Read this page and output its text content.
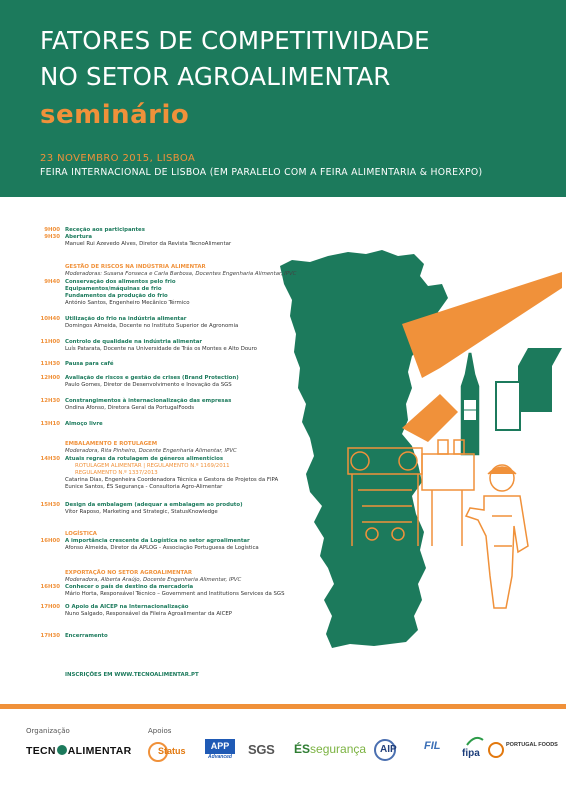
FATORES DE COMPETITIVIDADE
NO SETOR AGROALIMENTAR
seminário
23 NOVEMBRO 2015, LISBOA
FEIRA INTERNACIONAL DE LISBOA (EM PARALELO COM A FEIRA ALIMENTARIA & HOREXPO)
9H00 Receção aos participantes
9H30 Abertura
Manuel Rui Azevedo Alves, Diretor da Revista TecnoAlimentar
GESTÃO DE RISCOS NA INDÚSTRIA ALIMENTAR
Moderadoras: Susana Fonseca e Carla Barbosa, Docentes Engenharia Alimentar, IPVC
9H40 Conservação dos alimentos pelo frio
Equipamentos/máquinas de frio
Fundamentos da produção do frio
António Santos, Engenheiro Mecânico Térmico
10H40 Utilização do frio na indústria alimentar
Domingos Almeida, Docente no Instituto Superior de Agronomia
11H00 Controlo de qualidade na indústria alimentar
Luís Patarata, Docente na Universidade de Trás os Montes e Alto Douro
11H30 Pausa para café
12H00 Avaliação de riscos e gestão de crises (Brand Protection)
Paulo Gomes, Diretor de Desenvolvimento e Inovação da SGS
12H30 Constrangimentos à internacionalização das empresas
Ondina Afonso, Diretora Geral da PortugalFoods
13H10 Almoço livre
EMBALAMENTO E ROTULAGEM
Moderadora, Rita Pinheiro, Docente Engenharia Alimentar, IPVC
14H30 Atuais regras da rotulagem de géneros alimentícios
ROTULAGEM ALIMENTAR | REGULAMENTO N.º 1169/2011
REGULAMENTO N.º 1337/2013
Catarina Dias, Engenheira Coordenadora Técnica e Gestora de Projetos da FIPA
Eunice Santos, ÉS Segurança - Consultoria Agro-Alimentar
15H30 Design da embalagem (adequar a embalagem ao produto)
Vítor Raposo, Marketing and Strategic, StatusKnowledge
LOGÍSTICA
16H00 A importância crescente da Logística no setor agroalimentar
Afonso Almeida, Diretor da APLOG - Associação Portuguesa de Logística
EXPORTAÇÃO NO SETOR AGROALIMENTAR
Moderadora, Alberta Araújo, Docente Engenharia Alimentar, IPVC
16H30 Conhecer o país de destino da mercadoria
Mário Horta, Responsável Técnico – Government and Institutions Services da SGS
17H00 O Apoio da AICEP na Internacionalização
Nuno Salgado, Responsável da Fileira Agroalimentar da AICEP
17H30 Encerramento
INSCRIÇÕES EM WWW.TECNOALIMENTAR.PT
Organização	Apoios
TECN ALIMENTAR	Status	APP
Advanced SGS ÉSsegurança AIP FIL
fipa
PORTUGAL FOODS
